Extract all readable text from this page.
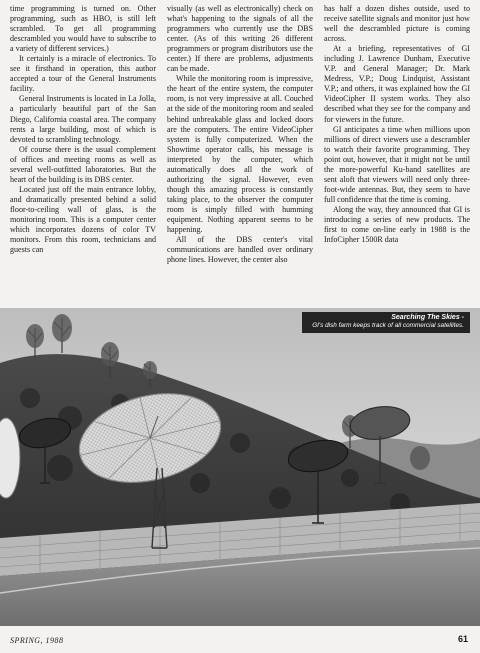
time programming is turned on. Other programming, such as HBO, is still left scrambled. To get all programming descrambled you would have to subscribe to a variety of different services.)

It certainly is a miracle of electronics. To see it firsthand in operation, this author accepted a tour of the General Instruments facility.

General Instruments is located in La Jolla, a particularly beautiful part of the San Diego, California coastal area. The company rents a large building, most of which is devoted to scrambling technology.

Of course there is the usual complement of offices and meeting rooms as well as several well-outfitted laboratories. But the heart of the building is its DBS center.

Located just off the main entrance lobby, and dramatically presented behind a solid floor-to-ceiling wall of glass, is the monitoring room. This is a computer center which incorporates dozens of color TV monitors. From this room, technicians and guests can

visually (as well as electronically) check on what's happening to the signals of all the programmers who currently use the DBS center. (As of this writing 26 different programmers or program distributors use the center.) If there are problems, adjustments can be made.

While the monitoring room is impressive, the heart of the entire system, the computer room, is not very impressive at all. Couched at the side of the monitoring room and sealed behind unbreakable glass and locked doors are the computers. The entire VideoCipher system is fully computerized. When the Showtime operator calls, his message is interpreted by the computer, which automatically does all the work of authorizing the signal. However, even though this amazing process is constantly taking place, to the observer the computer room is simply filled with humming equipment. Nothing apparent seems to be happening.

All of the DBS center's vital communications are handled over ordinary phone lines. However, the center also

has half a dozen dishes outside, used to receive satellite signals and monitor just how well the descrambled picture is coming across.

At a briefing, representatives of GI including J. Lawrence Dunham, Executive V.P. and General Manager; Dr. Mark Medress, V.P.; Doug Lindquist, Assistant V.P.; and others, it was explained how the GI VideoCipher II system works. They also described what they see for the company and for viewers in the future.

GI anticipates a time when millions upon millions of direct viewers use a descrambler to watch their favorite programming. They point out, however, that it might not be until the more-powerful Ku-band satellites are sent aloft that viewers will need only three-foot-wide antennas. But, they seem to have full confidence that the time is coming.

Along the way, they announced that GI is introducing a series of new products. The first to come on-line early in 1988 is the InfoCipher 1500R data

Searching The Skies -
GI's dish farm keeps track of all commercial satellites.
SPRING, 1988	61
